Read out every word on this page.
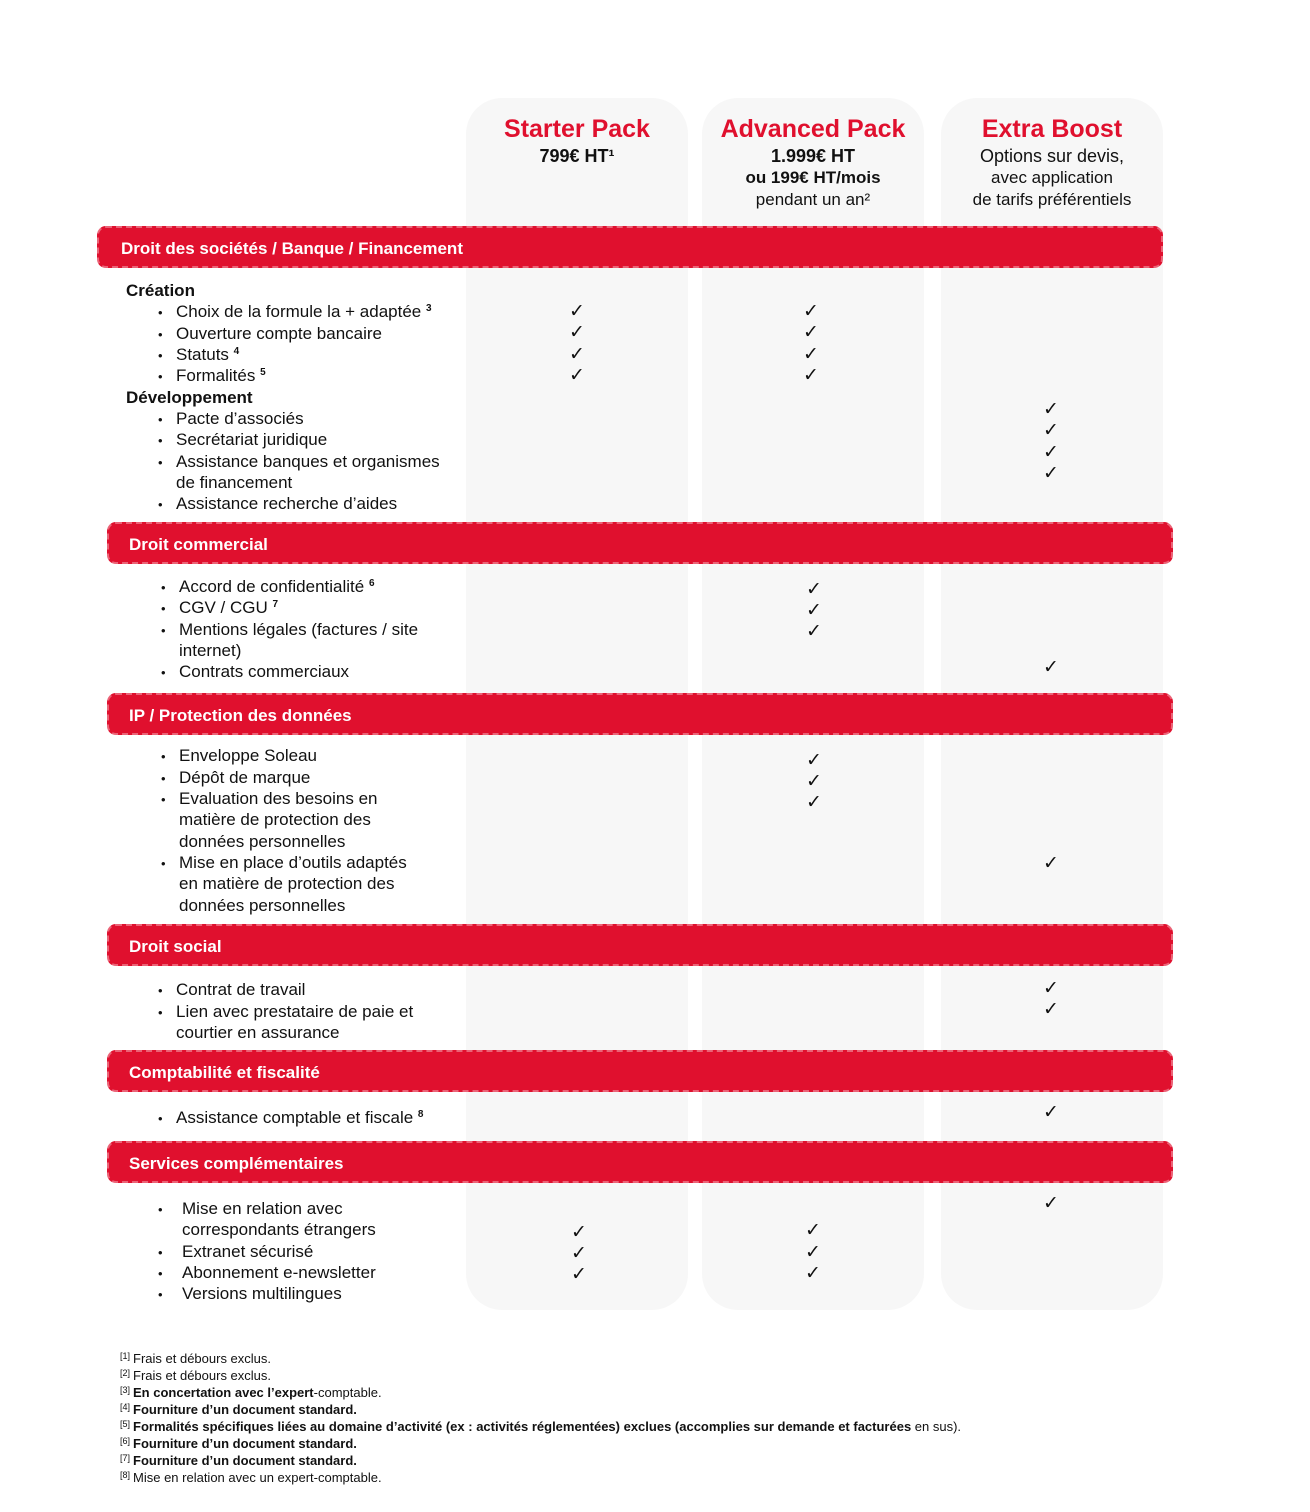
Starter Pack
799€ HT¹
Advanced Pack
1.999€ HT
ou 199€ HT/mois
pendant un an²
Extra Boost
Options sur devis,
avec application
de tarifs préférentiels
Droit des sociétés / Banque / Financement
Droit commercial
IP / Protection des données
Droit social
Comptabilité et fiscalité
Services complémentaires
Création
Développement
• Choix de la formule la + adaptée $^3$
• Ouverture compte bancaire
• Statuts $^4$
• Formalités $^5$
• Pacte d’associés
• Secrétariat juridique
• Assistance banques et organismes
de financement
• Assistance recherche d’aides
• Accord de confidentialité $^6$
• CGV / CGU $^7$
• Mentions légales (factures / site
internet)
• Contrats commerciaux
• Enveloppe Soleau
• Dépôt de marque
• Evaluation des besoins en
matière de protection des
données personnelles
• Mise en place d’outils adaptés
en matière de protection des
données personnelles
• Contrat de travail
• Lien avec prestataire de paie et
courtier en assurance
• Assistance comptable et fiscale $^8$
• Mise en relation avec
correspondants étrangers
• Extranet sécurisé
• Abonnement e-newsletter
• Versions multilingues
✓
✓
✓
✓
✓
✓
✓
✓
✓
✓
✓
✓
✓
✓
✓
✓
✓
✓
✓
✓
✓
✓
✓
✓
✓
✓
✓
✓
✓
✓
[1] Frais et débours exclus.
[2] Frais et débours exclus.
[3] En concertation avec l’expert-comptable.
[4] Fourniture d’un document standard.
[5] Formalités spécifiques liées au domaine d’activité (ex : activités réglementées) exclues (accomplies sur demande et facturées en sus).
[6] Fourniture d’un document standard.
[7] Fourniture d’un document standard.
[8] Mise en relation avec un expert-comptable.
